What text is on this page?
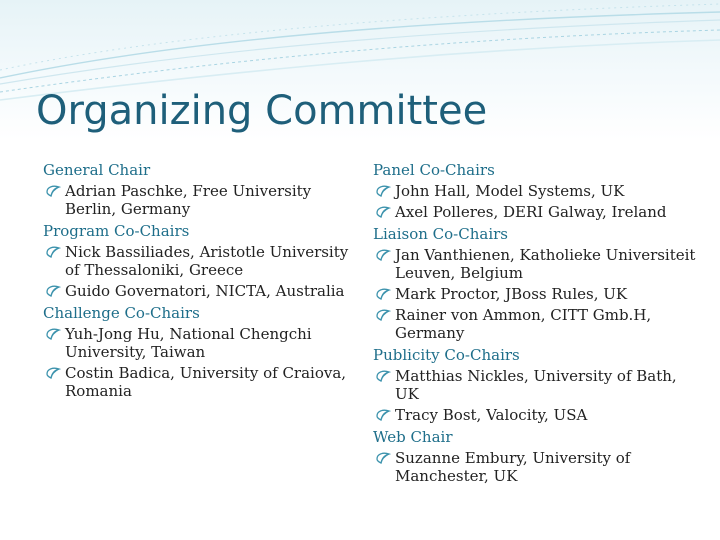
Organizing Committee
General Chair
Adrian Paschke, Free University Berlin, Germany
Program Co-Chairs
Nick Bassiliades, Aristotle University of Thessaloniki, Greece
Guido Governatori, NICTA, Australia
Challenge Co-Chairs
Yuh-Jong Hu, National Chengchi University, Taiwan
Costin Badica, University of Craiova, Romania
Panel Co-Chairs
John Hall, Model Systems, UK
Axel Polleres, DERI Galway, Ireland
Liaison Co-Chairs
Jan Vanthienen, Katholieke Universiteit Leuven, Belgium
Mark Proctor, JBoss Rules, UK
Rainer von Ammon, CITT Gmb.H, Germany
Publicity Co-Chairs
Matthias Nickles, University of Bath, UK
Tracy Bost, Valocity, USA
Web Chair
Suzanne Embury, University of Manchester, UK
